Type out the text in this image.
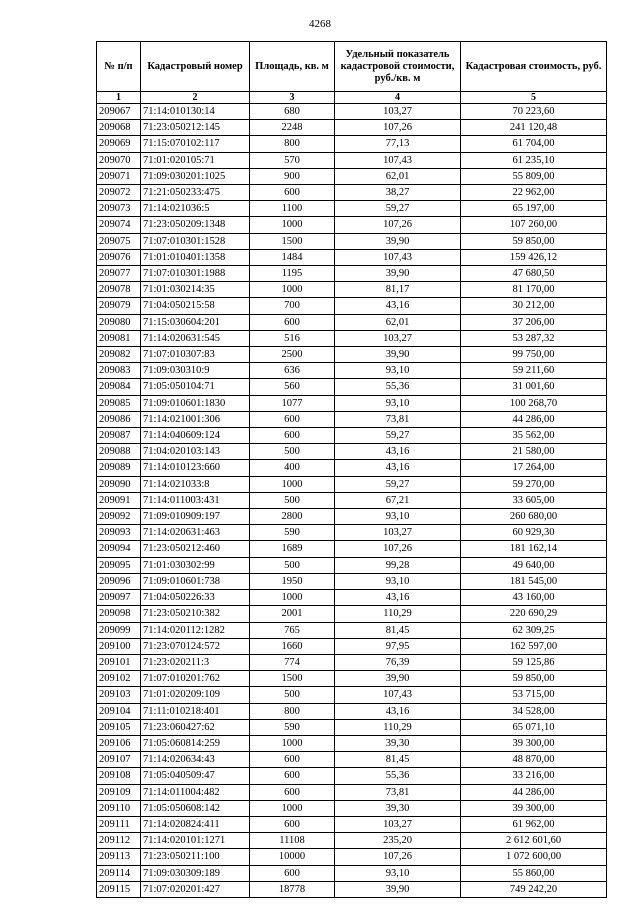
4268
№ п/п	Кадастровый номер	Площадь, кв. м	Удельный показатель кадастровой стоимости, руб./кв. м	Кадастровая стоимость, руб.
1	2	3	4	5
209067	71:14:010130:14	680	103,27	70 223,60
209068	71:23:050212:145	2248	107,26	241 120,48
209069	71:15:070102:117	800	77,13	61 704,00
209070	71:01:020105:71	570	107,43	61 235,10
209071	71:09:030201:1025	900	62,01	55 809,00
209072	71:21:050233:475	600	38,27	22 962,00
209073	71:14:021036:5	1100	59,27	65 197,00
209074	71:23:050209:1348	1000	107,26	107 260,00
209075	71:07:010301:1528	1500	39,90	59 850,00
209076	71:01:010401:1358	1484	107,43	159 426,12
209077	71:07:010301:1988	1195	39,90	47 680,50
209078	71:01:030214:35	1000	81,17	81 170,00
209079	71:04:050215:58	700	43,16	30 212,00
209080	71:15:030604:201	600	62,01	37 206,00
209081	71:14:020631:545	516	103,27	53 287,32
209082	71:07:010307:83	2500	39,90	99 750,00
209083	71:09:030310:9	636	93,10	59 211,60
209084	71:05:050104:71	560	55,36	31 001,60
209085	71:09:010601:1830	1077	93,10	100 268,70
209086	71:14:021001:306	600	73,81	44 286,00
209087	71:14:040609:124	600	59,27	35 562,00
209088	71:04:020103:143	500	43,16	21 580,00
209089	71:14:010123:660	400	43,16	17 264,00
209090	71:14:021033:8	1000	59,27	59 270,00
209091	71:14:011003:431	500	67,21	33 605,00
209092	71:09:010909:197	2800	93,10	260 680,00
209093	71:14:020631:463	590	103,27	60 929,30
209094	71:23:050212:460	1689	107,26	181 162,14
209095	71:01:030302:99	500	99,28	49 640,00
209096	71:09:010601:738	1950	93,10	181 545,00
209097	71:04:050226:33	1000	43,16	43 160,00
209098	71:23:050210:382	2001	110,29	220 690,29
209099	71:14:020112:1282	765	81,45	62 309,25
209100	71:23:070124:572	1660	97,95	162 597,00
209101	71:23:020211:3	774	76,39	59 125,86
209102	71:07:010201:762	1500	39,90	59 850,00
209103	71:01:020209:109	500	107,43	53 715,00
209104	71:11:010218:401	800	43,16	34 528,00
209105	71:23:060427:62	590	110,29	65 071,10
209106	71:05:060814:259	1000	39,30	39 300,00
209107	71:14:020634:43	600	81,45	48 870,00
209108	71:05:040509:47	600	55,36	33 216,00
209109	71:14:011004:482	600	73,81	44 286,00
209110	71:05:050608:142	1000	39,30	39 300,00
209111	71:14:020824:411	600	103,27	61 962,00
209112	71:14:020101:1271	11108	235,20	2 612 601,60
209113	71:23:050211:100	10000	107,26	1 072 600,00
209114	71:09:030309:189	600	93,10	55 860,00
209115	71:07:020201:427	18778	39,90	749 242,20
